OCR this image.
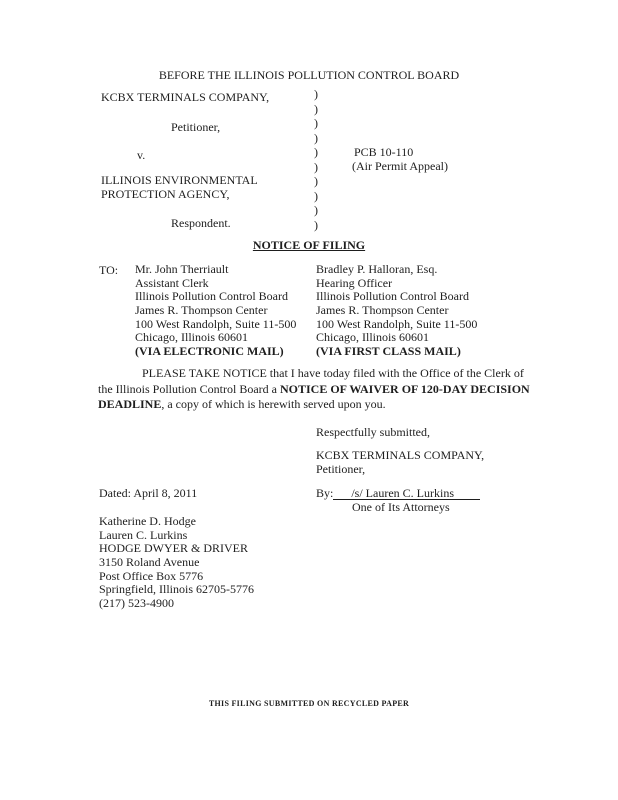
BEFORE THE ILLINOIS POLLUTION CONTROL BOARD
KCBX TERMINALS COMPANY,
Petitioner,
v.
ILLINOIS ENVIRONMENTAL
PROTECTION AGENCY,
Respondent.
)
)
)
)
)
)
)
)
)
)
PCB 10-110
(Air Permit Appeal)
NOTICE OF FILING
TO: Mr. John Therriault
Assistant Clerk
Illinois Pollution Control Board
James R. Thompson Center
100 West Randolph, Suite 11-500
Chicago, Illinois 60601
(VIA ELECTRONIC MAIL)
Bradley P. Halloran, Esq.
Hearing Officer
Illinois Pollution Control Board
James R. Thompson Center
100 West Randolph, Suite 11-500
Chicago, Illinois 60601
(VIA FIRST CLASS MAIL)
PLEASE TAKE NOTICE that I have today filed with the Office of the Clerk of the Illinois Pollution Control Board a NOTICE OF WAIVER OF 120-DAY DECISION DEADLINE, a copy of which is herewith served upon you.
Respectfully submitted,
KCBX TERMINALS COMPANY,
Petitioner,
Dated: April 8, 2011	By: /s/ Lauren C. Lurkins
One of Its Attorneys
Katherine D. Hodge
Lauren C. Lurkins
HODGE DWYER & DRIVER
3150 Roland Avenue
Post Office Box 5776
Springfield, Illinois 62705-5776
(217) 523-4900
THIS FILING SUBMITTED ON RECYCLED PAPER
